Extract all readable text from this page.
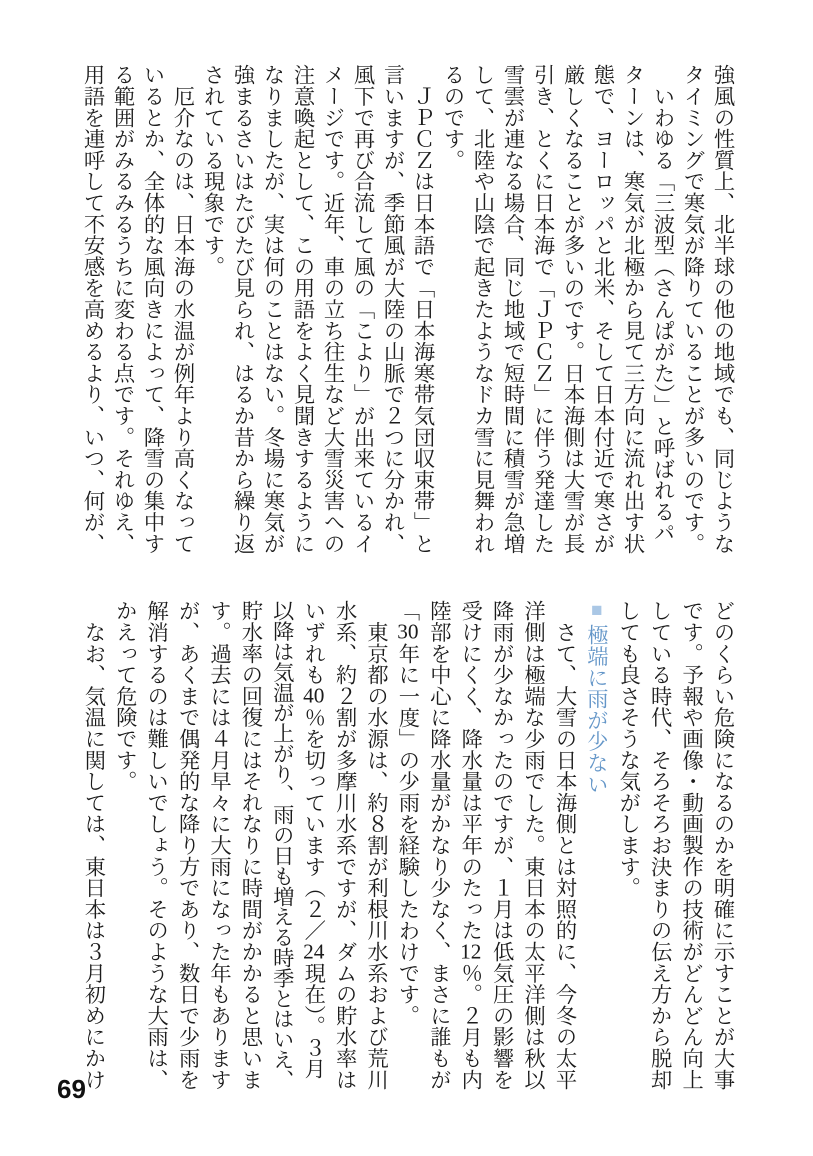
強風の性質上、北半球の他の地域でも、同じような
タイミングで寒気が降りていることが多いのです。
　いわゆる「三波型（さんぱがた）」と呼ばれるパ
ターンは、寒気が北極から見て三方向に流れ出す状
態で、ヨーロッパと北米、そして日本付近で寒さが
厳しくなることが多いのです。日本海側は大雪が長
引き、とくに日本海で「ＪＰＣＺ」に伴う発達した
雪雲が連なる場合、同じ地域で短時間に積雪が急増
して、北陸や山陰で起きたようなドカ雪に見舞われ
るのです。
　ＪＰＣＺは日本語で「日本海寒帯気団収束帯」と
言いますが、季節風が大陸の山脈で２つに分かれ、
風下で再び合流して風の「こより」が出来ているイ
メージです。近年、車の立ち往生など大雪災害への
注意喚起として、この用語をよく見聞きするように
なりましたが、実は何のことはない。冬場に寒気が
強まるさいはたびたび見られ、はるか昔から繰り返
されている現象です。
　厄介なのは、日本海の水温が例年より高くなって
いるとか、全体的な風向きによって、降雪の集中す
る範囲がみるみるうちに変わる点です。それゆえ、
用語を連呼して不安感を高めるより、いつ、何が、
どのくらい危険になるのかを明確に示すことが大事
です。予報や画像・動画製作の技術がどんどん向上
している時代、そろそろお決まりの伝え方から脱却
しても良さそうな気がします。
■極端に雨が少ない
　さて、大雪の日本海側とは対照的に、今冬の太平
洋側は極端な少雨でした。東日本の太平洋側は秋以
降雨が少なかったのですが、１月は低気圧の影響を
受けにくく、降水量は平年のたった12％。２月も内
陸部を中心に降水量がかなり少なく、まさに誰もが
「30年に一度」の少雨を経験したわけです。
　東京都の水源は、約８割が利根川水系および荒川
水系、約２割が多摩川水系ですが、ダムの貯水率は
いずれも40％を切っています（２／24現在）。３月
以降は気温が上がり、雨の日も増える時季とはいえ、
貯水率の回復にはそれなりに時間がかかると思いま
す。過去には４月早々に大雨になった年もあります
が、あくまで偶発的な降り方であり、数日で少雨を
解消するのは難しいでしょう。そのような大雨は、
かえって危険です。
　なお、気温に関しては、東日本は３月初めにかけ
69
